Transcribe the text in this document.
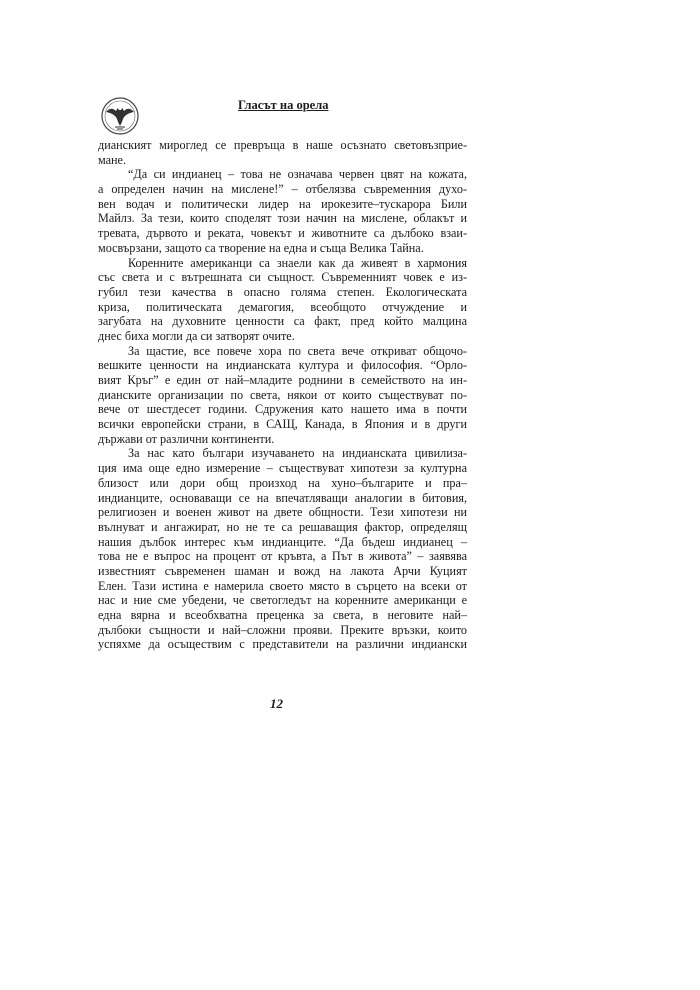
Гласът на орела
дианският мироглед се превръща в наше осъзнато световъзприе-
мане.
“Да си индианец – това не означава червен цвят на кожата,
а определен начин на мислене!” – отбелязва съвременния духо-
вен водач и политически лидер на ирокезите–тускарора Били
Майлз. За тези, които споделят този начин на мислене, облакът и
тревата, дървото и реката, човекът и животните са дълбоко взаи-
мосвързани, защото са творение на една и съща Велика Тайна.
Коренните американци са знаели как да живеят в хармония
със света и с вътрешната си същност. Съвременният човек е из-
губил тези качества в опасно голяма степен. Екологическата
криза, политическата демагогия, всеобщото отчуждение и
загубата на духовните ценности са факт, пред който малцина
днес биха могли да си затворят очите.
За щастие, все повече хора по света вече откриват общочо-
вешките ценности на индианската култура и философия. “Орло-
вият Кръг” е един от най–младите роднини в семейството на ин-
дианските организации по света, някои от които съществуват по-
вече от шестдесет години. Сдружения като нашето има в почти
всички европейски страни, в САЩ, Канада, в Япония и в други
държави от различни континенти.
За нас като българи изучаването на индианската цивилиза-
ция има още едно измерение – съществуват хипотези за културна
близост или дори общ произход на хуно–българите и пра–
индианците, основаващи се на впечатляващи аналогии в битовия,
религиозен и военен живот на двете общности. Тези хипотези ни
вълнуват и ангажират, но не те са решаващия фактор, определящ
нашия дълбок интерес към индианците. “Да бъдеш индианец –
това не е въпрос на процент от кръвта, а Път в живота” – заявява
известният съвременен шаман и вожд на лакота Арчи Куцият
Елен. Тази истина е намерила своето място в сърцето на всеки от
нас и ние сме убедени, че светогледът на коренните американци е
една вярна и всеобхватна преценка за света, в неговите най–
дълбоки същности и най–сложни прояви. Преките връзки, които
успяхме да осъществим с представители на различни индиански
12
